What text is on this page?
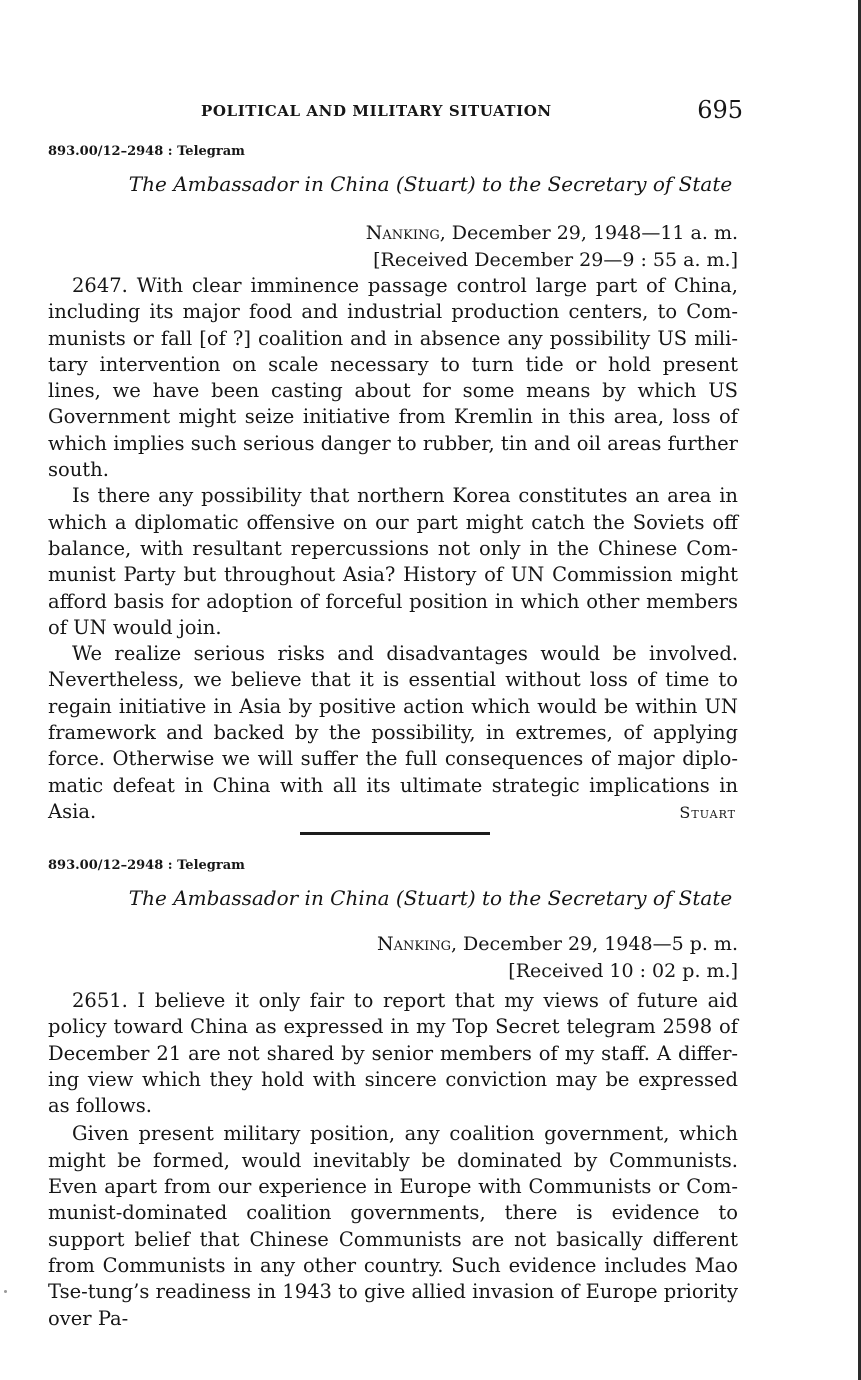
POLITICAL AND MILITARY SITUATION	695
893.00/12–2948 : Telegram
The Ambassador in China (Stuart) to the Secretary of State
Nanking, December 29, 1948—11 a. m.
[Received December 29—9 : 55 a. m.]

2647. With clear imminence passage control large part of China, including its major food and industrial production centers, to Communists or fall [of ?] coalition and in absence any possibility US military intervention on scale necessary to turn tide or hold present lines, we have been casting about for some means by which US Government might seize initiative from Kremlin in this area, loss of which implies such serious danger to rubber, tin and oil areas further south.

Is there any possibility that northern Korea constitutes an area in which a diplomatic offensive on our part might catch the Soviets off balance, with resultant repercussions not only in the Chinese Communist Party but throughout Asia? History of UN Commission might afford basis for adoption of forceful position in which other members of UN would join.

We realize serious risks and disadvantages would be involved. Nevertheless, we believe that it is essential without loss of time to regain initiative in Asia by positive action which would be within UN framework and backed by the possibility, in extremes, of applying force. Otherwise we will suffer the full consequences of major diplomatic defeat in China with all its ultimate strategic implications in Asia.	Stuart
893.00/12–2948 : Telegram
The Ambassador in China (Stuart) to the Secretary of State
Nanking, December 29, 1948—5 p. m.
[Received 10 : 02 p. m.]

2651. I believe it only fair to report that my views of future aid policy toward China as expressed in my Top Secret telegram 2598 of December 21 are not shared by senior members of my staff. A differing view which they hold with sincere conviction may be expressed as follows.

Given present military position, any coalition government, which might be formed, would inevitably be dominated by Communists. Even apart from our experience in Europe with Communists or Communist-dominated coalition governments, there is evidence to support belief that Chinese Communists are not basically different from Communists in any other country. Such evidence includes Mao Tse-tung’s readiness in 1943 to give allied invasion of Europe priority over Pa-
